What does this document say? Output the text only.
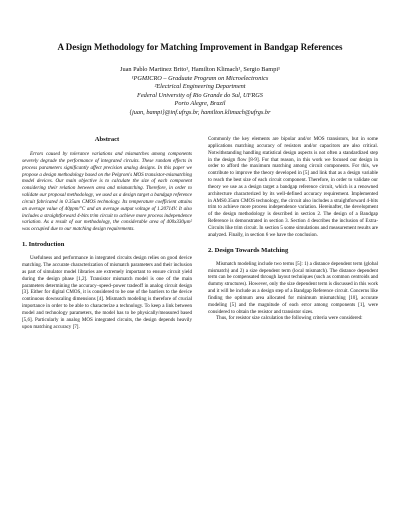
A Design Methodology for Matching Improvement in Bandgap References
Juan Pablo Martinez Brito¹, Hamilton Klimach¹, Sergio Bampi¹
¹PGMICRO – Graduate Program on Microelectronics
²Electrical Engineering Department
Federal University of Rio Grande do Sul, UFRGS
Porto Alegre, Brazil
{juan, bampi}@inf.ufrgs.br, hamilton.klimach@ufrgs.br
Abstract

Errors caused by tolerance variations and mismatches among components severely degrade the performance of integrated circuits. These random effects in process parameters significantly affect precision analog designs. In this paper we propose a design methodology based on the Pelgrom's MOS transistor-mismatching model devices. Our main objective is to calculate the size of each component considering their relation between area and mismatching. Therefore, in order to validate our proposal methodology, we used as a design target a bandgap reference circuit fabricated in 0.35um CMOS technology. Its temperature coefficient attains an average value of 40ppm/°C and an average output voltage of 1.20714V. It also includes a straightforward 4-bits trim circuit to achieve more process independence variation. As a result of our methodology, the considerable area of 400x330µm² was occupied due to our matching design requirements.

1. Introduction

Usefulness and performance in integrated circuits design relies on good device matching. The accurate characterization of mismatch parameters and their inclusion as part of simulator model libraries are extremely important to ensure circuit yield during the design phase [1,2]. Transistor mismatch model is one of the main parameters determining the accuracy–speed–power tradeoff in analog circuit design [3]. Either for digital CMOS, it is considered to be one of the barriers to the device continuous downscaling dimensions [4]. Mismatch modeling is therefore of crucial importance in order to be able to characterize a technology. To keep a link between model and technology parameters, the model has to be physically/measured based [5,6]. Particularly in analog MOS integrated circuits, the design depends heavily upon matching accuracy [7].

Commonly the key elements are bipolar and/or MOS transistors, but in some applications matching accuracy of resistors and/or capacitors are also critical. Notwithstanding handling statistical design aspects is not often a standardized step in the design flow [8-9]. For that reason, in this work we focused our design in order to afford the maximum matching among circuit components. For this, we contribute to improve the theory developed in [5] and link that as a design variable to reach the best size of each circuit component. Therefore, in order to validate our theory we use as a design target a bandgap reference circuit, which is a renowned architecture characterized by its well-defined accuracy requirement. Implemented in AMS0.35um CMOS technology, the circuit also includes a straightforward 4-bits trim to achieve more process independence variation. Hereinafter, the development of the design methodology is described in section 2. The design of a Bandgap Reference is demonstrated in section 3. Section 4 describes the inclusion of Extra-Circuits like trim circuit. In section 5 some simulations and measurement results are analyzed. Finally, in section 6 we have the conclusion.

2. Design Towards Matching

Mismatch modeling include two terms [5]: 1) a distance dependent term (global mismatch) and 2) a size dependent term (local mismatch). The distance dependent term can be compensated through layout techniques (such as common centroids and dummy structures). However, only the size dependent term is discussed in this work and it will be include as a design step of a Bandgap Reference circuit. Concerns like finding the optimum area allocated for minimum mismatching [10], accurate modeling [5] and the magnitude of each error among components [1], were considered to obtain the resistor and transistor sizes.

Thus, for resistor size calculation the following criteria were considered:
